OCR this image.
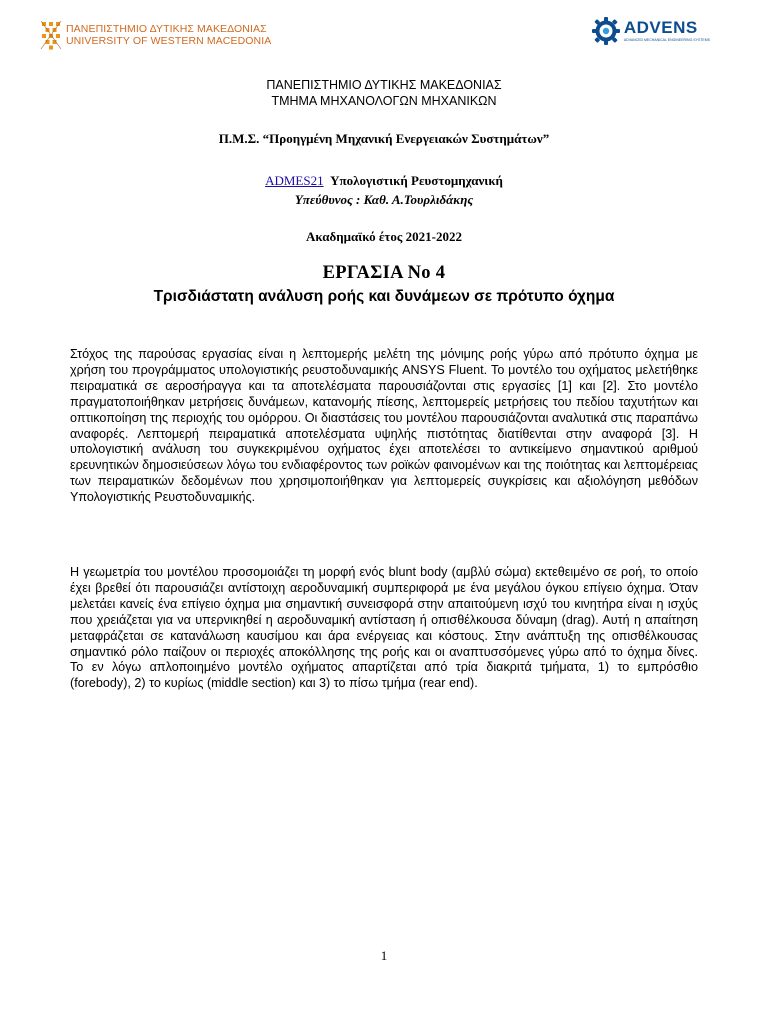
ΠΑΝΕΠΙΣΤΗΜΙΟ ΔΥΤΙΚΗΣ ΜΑΚΕΔΟΝΙΑΣ
UNIVERSITY OF WESTERN MACEDONIA
ADVENS
ADVANCED MECHANICAL ENGINEERING SYSTEMS
ΠΑΝΕΠΙΣΤΗΜΙΟ ΔΥΤΙΚΗΣ ΜΑΚΕΔΟΝΙΑΣ
ΤΜΗΜΑ ΜΗΧΑΝΟΛΟΓΩΝ ΜΗΧΑΝΙΚΩΝ
Π.Μ.Σ. “Προηγμένη Μηχανική Ενεργειακών Συστημάτων”
ADMES21 Υπολογιστική Ρευστομηχανική
Υπεύθυνος : Καθ. Α.Τουρλιδάκης
Ακαδημαϊκό έτος 2021-2022
ΕΡΓΑΣΙΑ Νο 4
Τρισδιάστατη ανάλυση ροής και δυνάμεων σε πρότυπο όχημα
Στόχος της παρούσας εργασίας είναι η λεπτομερής μελέτη της μόνιμης ροής γύρω από πρότυπο όχημα με χρήση του προγράμματος υπολογιστικής ρευστοδυναμικής ANSYS Fluent. Το μοντέλο του οχήματος μελετήθηκε πειραματικά σε αεροσήραγγα και τα αποτελέσματα παρουσιάζονται στις εργασίες [1] και [2]. Στο μοντέλο πραγματοποιήθηκαν μετρήσεις δυνάμεων, κατανομής πίεσης, λεπτομερείς μετρήσεις του πεδίου ταχυτήτων και οπτικοποίηση της περιοχής του ομόρρου. Οι διαστάσεις του μοντέλου παρουσιάζονται αναλυτικά στις παραπάνω αναφορές. Λεπτομερή πειραματικά αποτελέσματα υψηλής πιστότητας διατίθενται στην αναφορά [3]. Η υπολογιστική ανάλυση του συγκεκριμένου οχήματος έχει αποτελέσει το αντικείμενο σημαντικού αριθμού ερευνητικών δημοσιεύσεων λόγω του ενδιαφέροντος των ροϊκών φαινομένων και της ποιότητας και λεπτομέρειας των πειραματικών δεδομένων που χρησιμοποιήθηκαν για λεπτομερείς συγκρίσεις και αξιολόγηση μεθόδων Υπολογιστικής Ρευστοδυναμικής.
Η γεωμετρία του μοντέλου προσομοιάζει τη μορφή ενός blunt body (αμβλύ σώμα) εκτεθειμένο σε ροή, το οποίο έχει βρεθεί ότι παρουσιάζει αντίστοιχη αεροδυναμική συμπεριφορά με ένα μεγάλου όγκου επίγειο όχημα. Όταν μελετάει κανείς ένα επίγειο όχημα μια σημαντική συνεισφορά στην απαιτούμενη ισχύ του κινητήρα είναι η ισχύς που χρειάζεται για να υπερνικηθεί η αεροδυναμική αντίσταση ή οπισθέλκουσα δύναμη (drag). Αυτή η απαίτηση μεταφράζεται σε κατανάλωση καυσίμου και άρα ενέργειας και κόστους. Στην ανάπτυξη της οπισθέλκουσας σημαντικό ρόλο παίζουν οι περιοχές αποκόλλησης της ροής και οι αναπτυσσόμενες γύρω από το όχημα δίνες. Το εν λόγω απλοποιημένο μοντέλο οχήματος απαρτίζεται από τρία διακριτά τμήματα, 1) το εμπρόσθιο (forebody), 2) το κυρίως (middle section) και 3) το πίσω τμήμα (rear end).
1
